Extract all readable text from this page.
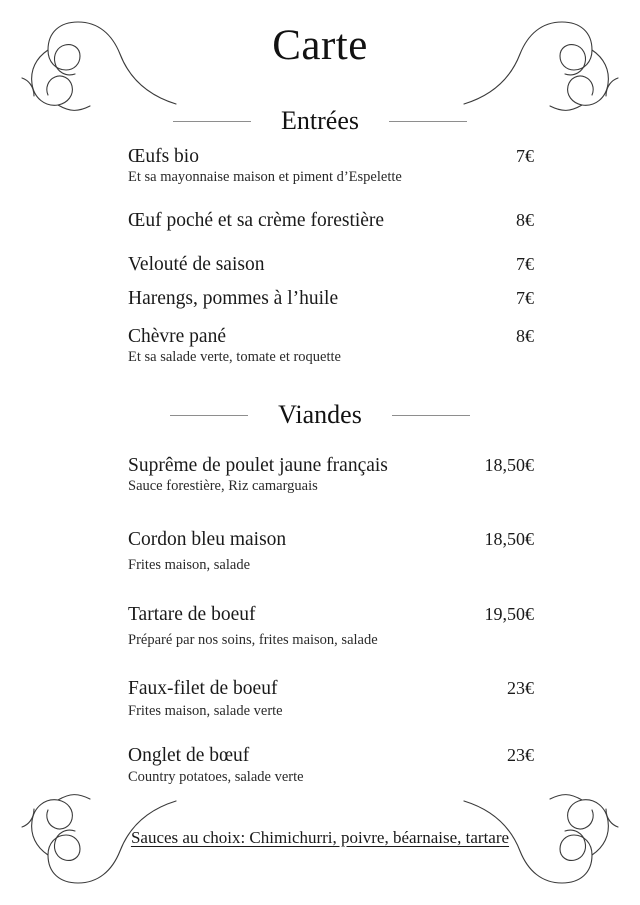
Carte
Entrées
Œufs bio	7€
Et sa mayonnaise maison et piment d’Espelette
Œuf poché et sa crème forestière	8€
Velouté de saison	7€
Harengs, pommes à l’huile	7€
Chèvre pané	8€
Et sa salade verte, tomate et roquette
Viandes
Suprême de poulet jaune français	18,50€
Sauce forestière, Riz camarguais
Cordon bleu maison	18,50€
Frites maison, salade
Tartare de boeuf	19,50€
Préparé par nos soins, frites maison, salade
Faux-filet de boeuf	23€
Frites maison, salade verte
Onglet de bœuf	23€
Country potatoes, salade verte
Sauces au choix: Chimichurri, poivre, béarnaise, tartare
